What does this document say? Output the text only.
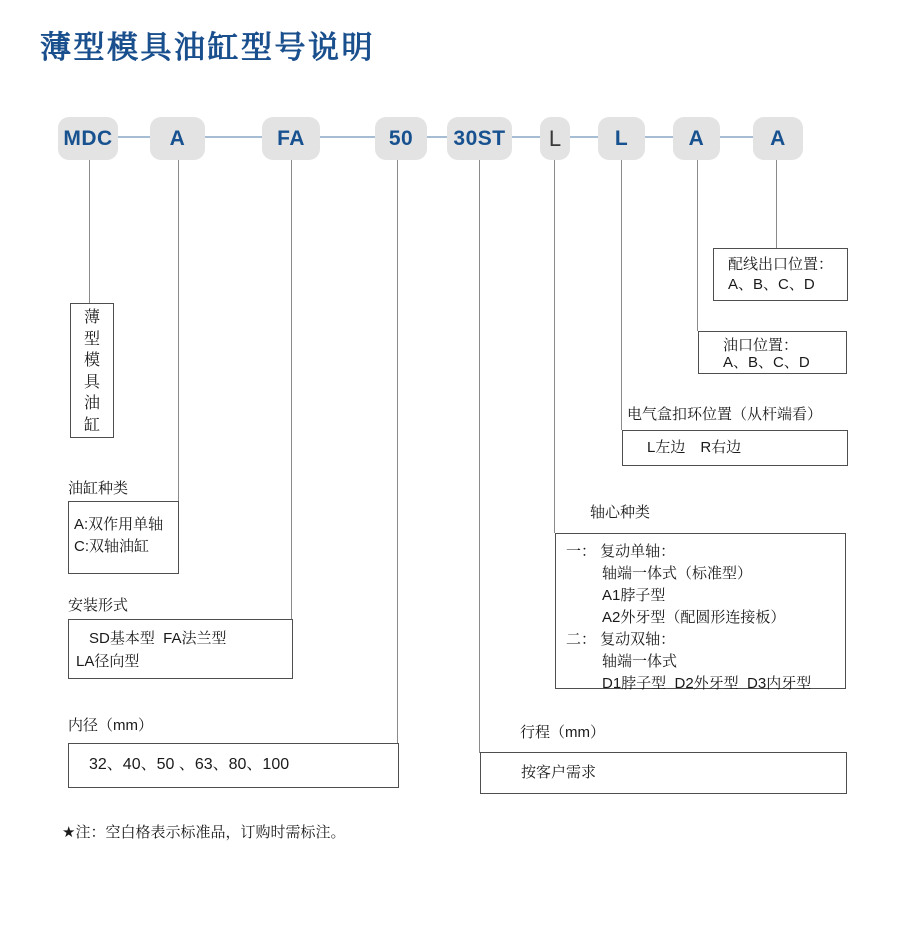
薄型模具油缸型号说明
MDC	A	FA	50	30ST	L	L	A	A
薄
型
模
具
油
缸
油缸种类

A:双作用单轴

C:双轴油缸

安装形式

SD基本型  FA法兰型

LA径向型

内径（mm）

32、40、50 、63、80、100

行程（mm）

按客户需求

轴心种类

一： 复动单轴：

轴端一体式（标准型）

A1脖子型

A2外牙型（配圆形连接板）

二： 复动双轴：

轴端一体式

D1脖子型  D2外牙型  D3内牙型

电气盒扣环位置（从杆端看）

L左边　R右边

油口位置：

A、B、C、D

配线出口位置：

A、B、C、D

★注：空白格表示标准品，订购时需标注。
